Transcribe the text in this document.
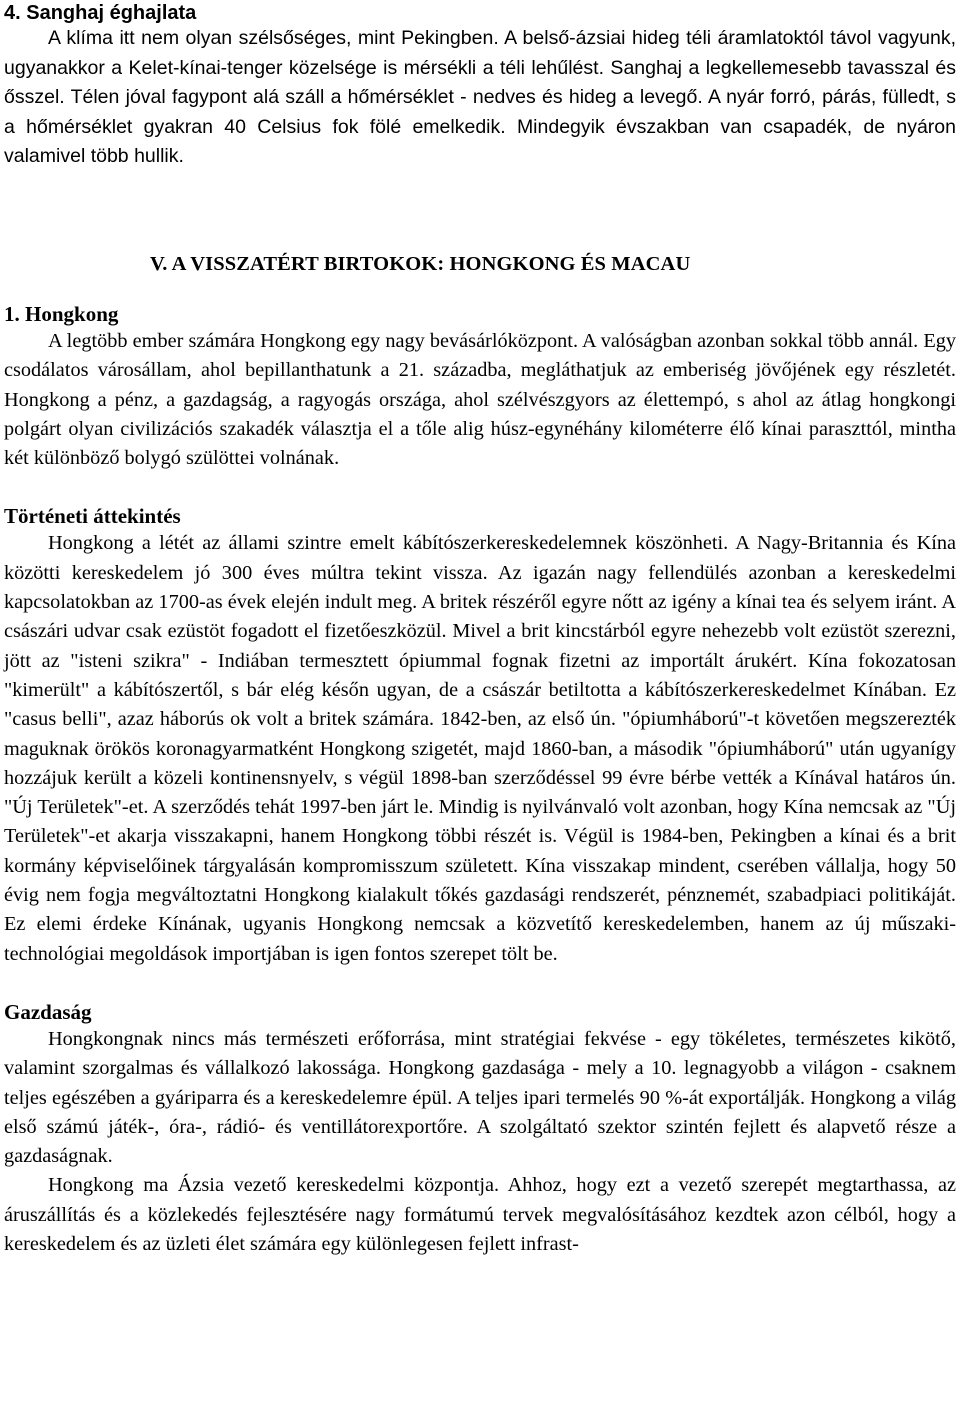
4. Sanghaj éghajlata

A klíma itt nem olyan szélsőséges, mint Pekingben. A belső-ázsiai hideg téli áramlatoktól távol vagyunk, ugyanakkor a Kelet-kínai-tenger közelsége is mérsékli a téli lehűlést. Sanghaj a legkellemesebb tavasszal és ősszel. Télen jóval fagypont alá száll a hőmérséklet - nedves és hideg a levegő. A nyár forró, párás, fülledt, s a hőmérséklet gyakran 40 Celsius fok fölé emelkedik. Mindegyik évszakban van csapadék, de nyáron valamivel több hullik.

V. A VISSZATÉRT BIRTOKOK: HONGKONG ÉS MACAU
1. Hongkong

A legtöbb ember számára Hongkong egy nagy bevásárlóközpont. A valóságban azonban sokkal több annál. Egy csodálatos városállam, ahol bepillanthatunk a 21. századba, megláthatjuk az emberiség jövőjének egy részletét. Hongkong a pénz, a gazdagság, a ragyogás országa, ahol szélvészgyors az élettempó, s ahol az átlag hongkongi polgárt olyan civilizációs szakadék választja el a tőle alig húsz-egynéhány kilométerre élő kínai paraszttól, mintha két különböző bolygó szülöttei volnának.

Történeti áttekintés

Hongkong a létét az állami szintre emelt kábítószerkereskedelemnek köszönheti. A Nagy-Britannia és Kína közötti kereskedelem jó 300 éves múltra tekint vissza. Az igazán nagy fellendülés azonban a kereskedelmi kapcsolatokban az 1700-as évek elején indult meg. A britek részéről egyre nőtt az igény a kínai tea és selyem iránt. A császári udvar csak ezüstöt fogadott el fizetőeszközül. Mivel a brit kincstárból egyre nehezebb volt ezüstöt szerezni, jött az "isteni szikra" - Indiában termesztett ópiummal fognak fizetni az importált árukért. Kína fokozatosan "kimerült" a kábítószertől, s bár elég későn ugyan, de a császár betiltotta a kábítószerkereskedelmet Kínában. Ez "casus belli", azaz háborús ok volt a britek számára. 1842-ben, az első ún. "ópiumháború"-t követően megszerezték maguknak örökös koronagyarmatként Hongkong szigetét, majd 1860-ban, a második "ópiumháború" után ugyanígy hozzájuk került a közeli kontinensnyelv, s végül 1898-ban szerződéssel 99 évre bérbe vették a Kínával határos ún. "Új Területek"-et. A szerződés tehát 1997-ben járt le. Mindig is nyilvánvaló volt azonban, hogy Kína nemcsak az "Új Területek"-et akarja visszakapni, hanem Hongkong többi részét is. Végül is 1984-ben, Pekingben a kínai és a brit kormány képviselőinek tárgyalásán kompromisszum született. Kína visszakap mindent, cserében vállalja, hogy 50 évig nem fogja megváltoztatni Hongkong kialakult tőkés gazdasági rendszerét, pénznemét, szabadpiaci politikáját. Ez elemi érdeke Kínának, ugyanis Hongkong nemcsak a közvetítő kereskedelemben, hanem az új műszaki-technológiai megoldások importjában is igen fontos szerepet tölt be.

Gazdaság

Hongkongnak nincs más természeti erőforrása, mint stratégiai fekvése - egy tökéletes, természetes kikötő, valamint szorgalmas és vállalkozó lakossága. Hongkong gazdasága - mely a 10. legnagyobb a világon - csaknem teljes egészében a gyáriparra és a kereskedelemre épül. A teljes ipari termelés 90 %-át exportálják. Hongkong a világ első számú játék-, óra-, rádió- és ventillátorexportőre. A szolgáltató szektor szintén fejlett és alapvető része a gazdaságnak.

Hongkong ma Ázsia vezető kereskedelmi központja. Ahhoz, hogy ezt a vezető szerepét megtarthassa, az áruszállítás és a közlekedés fejlesztésére nagy formátumú tervek megvalósításához kezdtek azon célból, hogy a kereskedelem és az üzleti élet számára egy különlegesen fejlett infrast-
